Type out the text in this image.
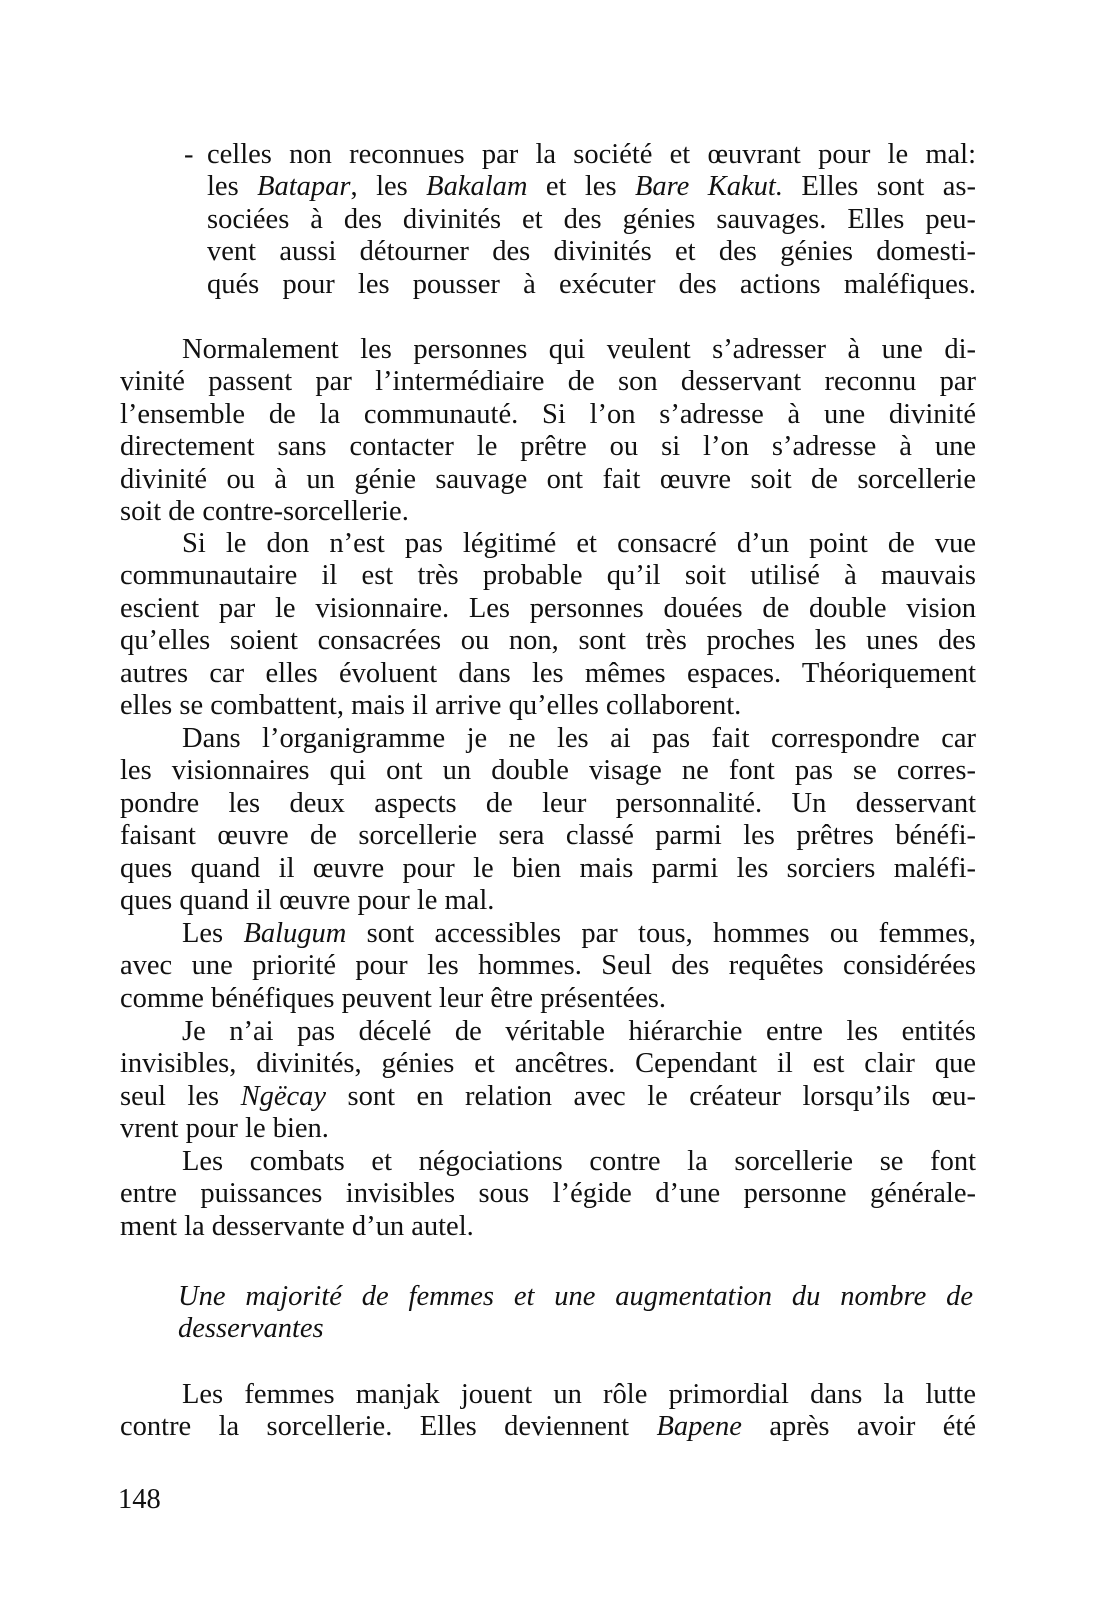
- celles non reconnues par la société et œuvrant pour le mal:
les Batapar, les Bakalam et les Bare Kakut. Elles sont as-
sociées à des divinités et des génies sauvages. Elles peu-
vent aussi détourner des divinités et des génies domesti-
qués pour les pousser à exécuter des actions maléfiques.
Normalement les personnes qui veulent s’adresser à une di-
vinité passent par l’intermédiaire de son desservant reconnu par
l’ensemble de la communauté. Si l’on s’adresse à une divinité
directement sans contacter le prêtre ou si l’on s’adresse à une
divinité ou à un génie sauvage ont fait œuvre soit de sorcellerie
soit de contre-sorcellerie.
Si le don n’est pas légitimé et consacré d’un point de vue
communautaire il est très probable qu’il soit utilisé à mauvais
escient par le visionnaire. Les personnes douées de double vision
qu’elles soient consacrées ou non, sont très proches les unes des
autres car elles évoluent dans les mêmes espaces. Théoriquement
elles se combattent, mais il arrive qu’elles collaborent.
Dans l’organigramme je ne les ai pas fait correspondre car
les visionnaires qui ont un double visage ne font pas se corres-
pondre les deux aspects de leur personnalité. Un desservant
faisant œuvre de sorcellerie sera classé parmi les prêtres bénéfi-
ques quand il œuvre pour le bien mais parmi les sorciers maléfi-
ques quand il œuvre pour le mal.
Les Balugum sont accessibles par tous, hommes ou femmes,
avec une priorité pour les hommes. Seul des requêtes considérées
comme bénéfiques peuvent leur être présentées.
Je n’ai pas décelé de véritable hiérarchie entre les entités
invisibles, divinités, génies et ancêtres. Cependant il est clair que
seul les Ngëcay sont en relation avec le créateur lorsqu’ils œu-
vrent pour le bien.
Les combats et négociations contre la sorcellerie se font
entre puissances invisibles sous l’égide d’une personne générale-
ment la desservante d’un autel.
Une majorité de femmes et une augmentation du nombre de
desservantes
Les femmes manjak jouent un rôle primordial dans la lutte
contre la sorcellerie. Elles deviennent Bapene après avoir été
148
